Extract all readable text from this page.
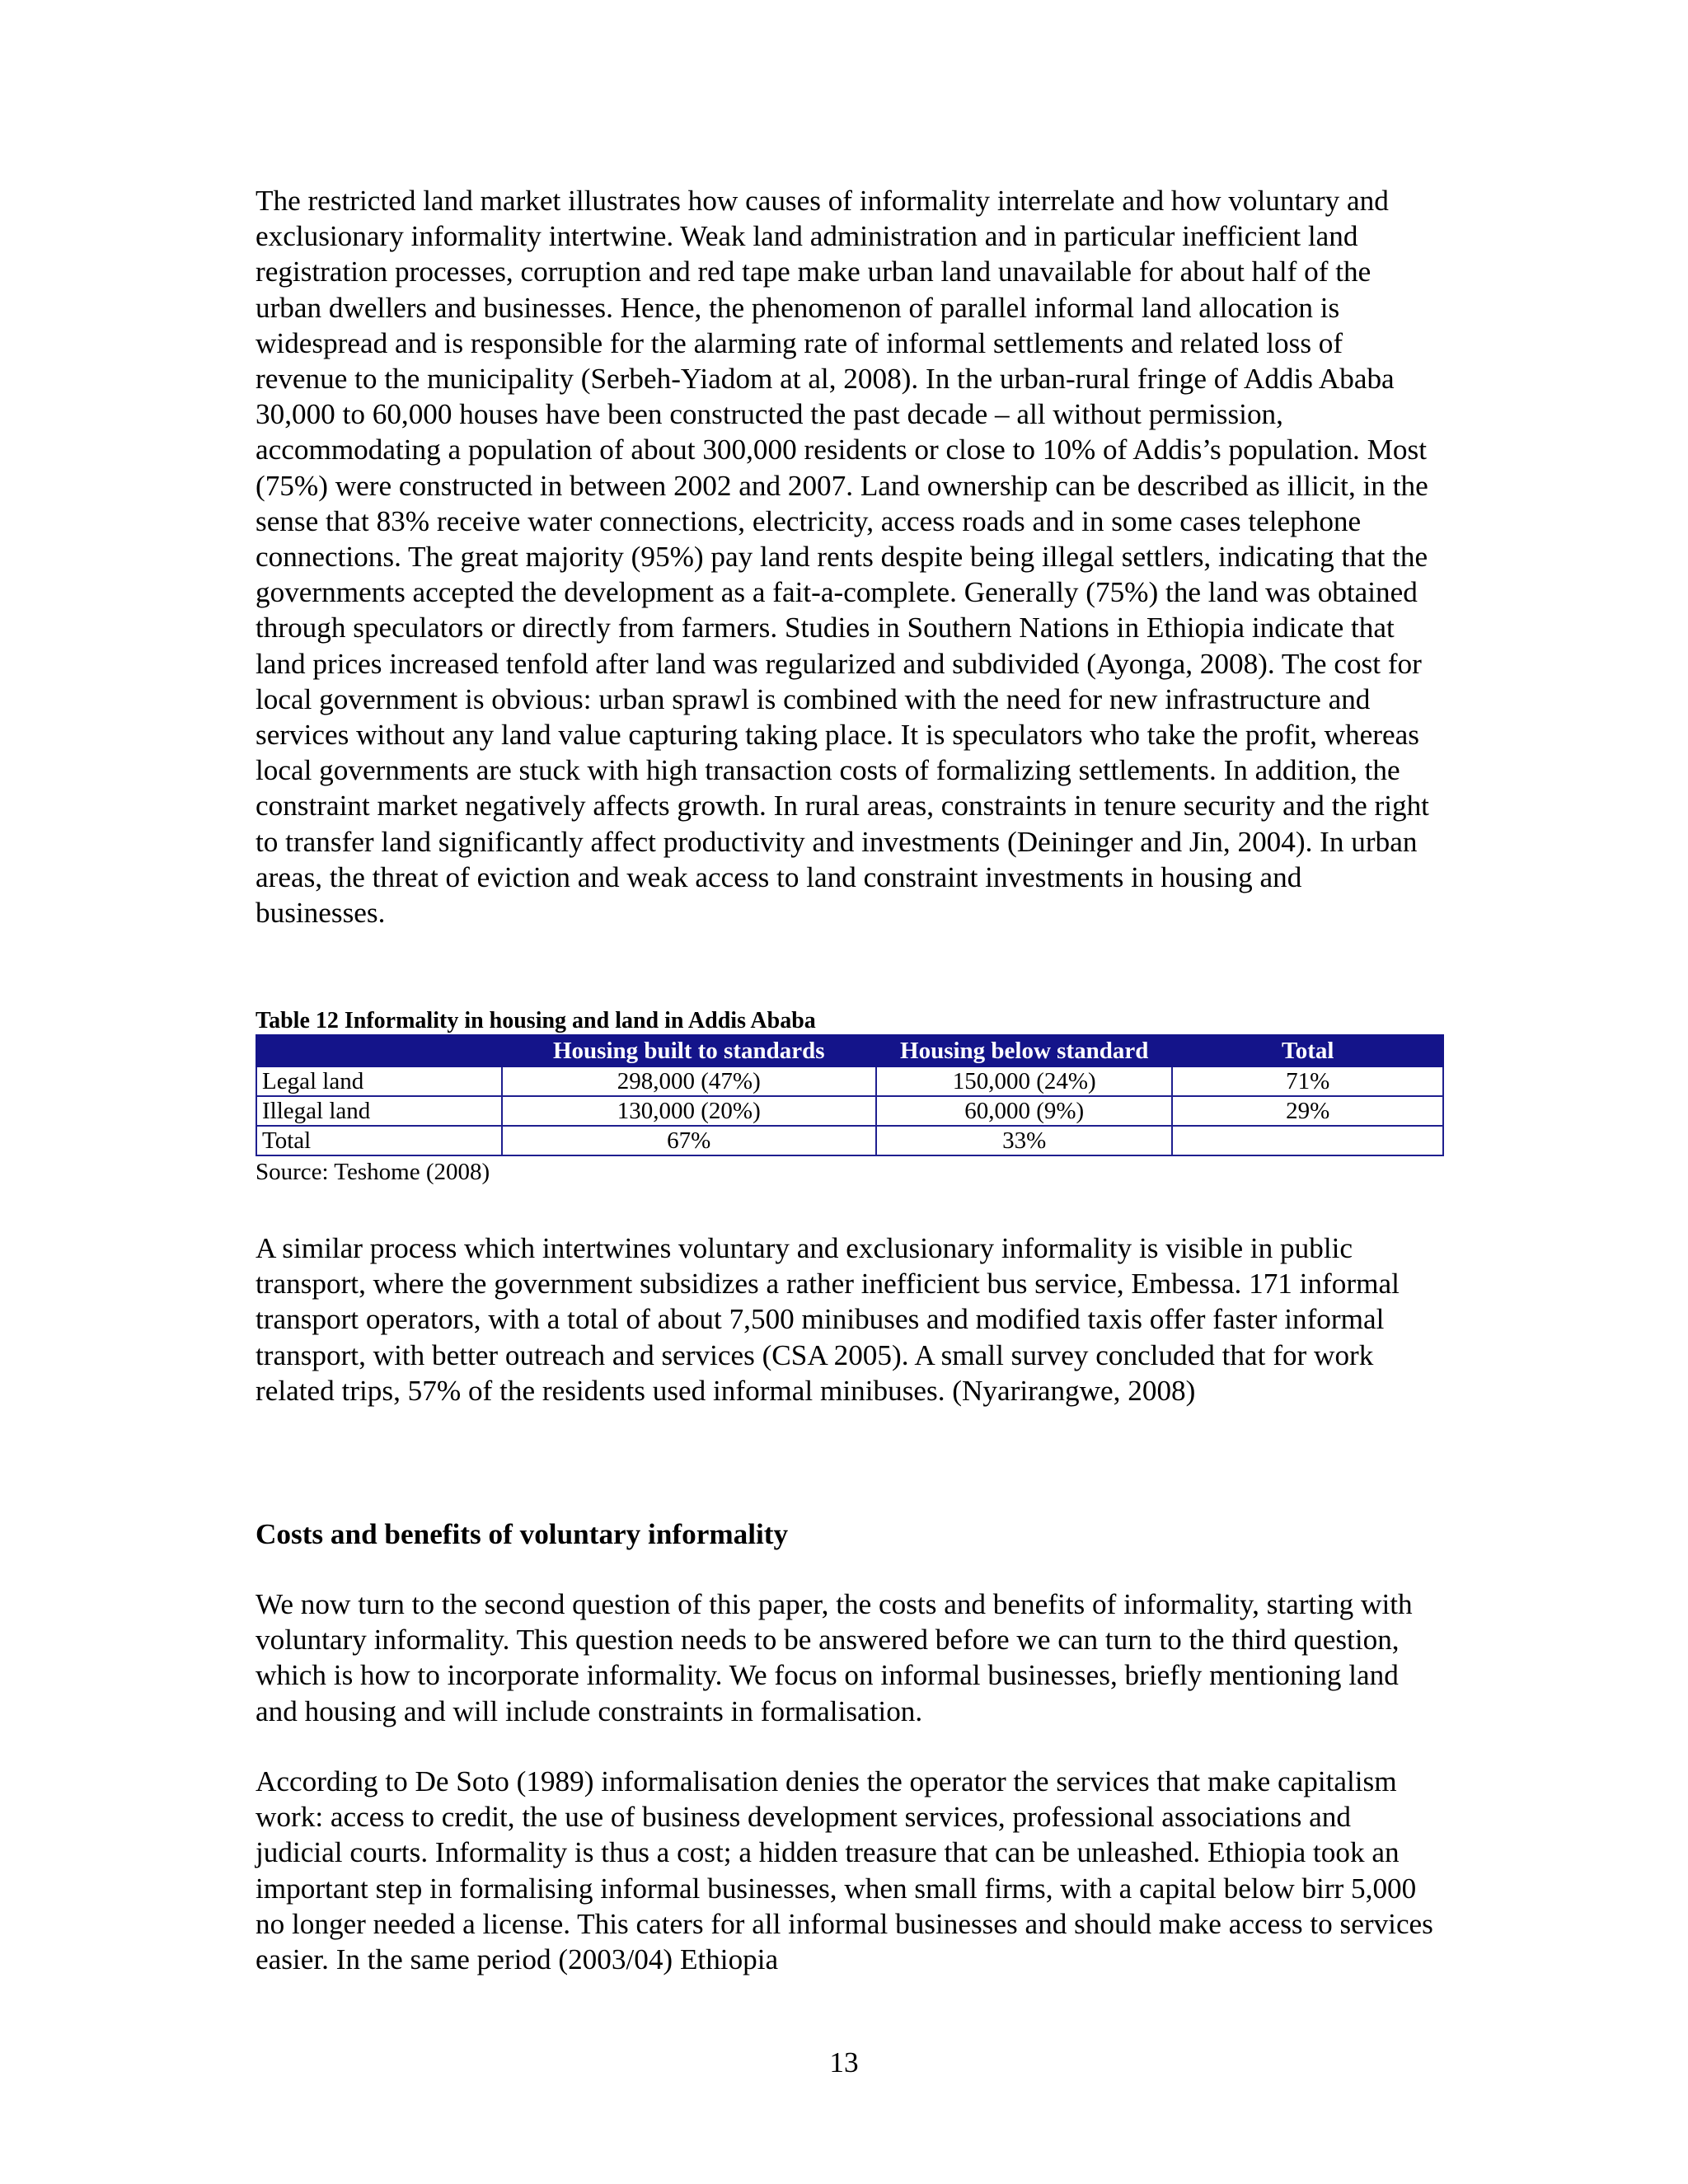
The restricted land market illustrates how causes of informality interrelate and how voluntary and exclusionary informality intertwine. Weak land administration and in particular inefficient land registration processes, corruption and red tape make urban land unavailable for about half of the urban dwellers and businesses. Hence, the phenomenon of parallel informal land allocation is widespread and is responsible for the alarming rate of informal settlements and related loss of revenue to the municipality (Serbeh-Yiadom at al, 2008). In the urban-rural fringe of Addis Ababa 30,000 to 60,000 houses have been constructed the past decade – all without permission, accommodating a population of about 300,000 residents or close to 10% of Addis’s population. Most (75%) were constructed in between 2002 and 2007. Land ownership can be described as illicit, in the sense that 83% receive water connections, electricity, access roads and in some cases telephone connections. The great majority (95%) pay land rents despite being illegal settlers, indicating that the governments accepted the development as a fait-a-complete. Generally (75%) the land was obtained through speculators or directly from farmers. Studies in Southern Nations in Ethiopia indicate that land prices increased tenfold after land was regularized and subdivided (Ayonga, 2008). The cost for local government is obvious: urban sprawl is combined with the need for new infrastructure and services without any land value capturing taking place. It is speculators who take the profit, whereas local governments are stuck with high transaction costs of formalizing settlements. In addition, the constraint market negatively affects growth. In rural areas, constraints in tenure security and the right to transfer land significantly affect productivity and investments (Deininger and Jin, 2004). In urban areas, the threat of eviction and weak access to land constraint investments in housing and businesses.

Table 12 Informality in housing and land in Addis Ababa

	Housing built to standards	Housing below standard	Total
Legal land	298,000 (47%)	150,000 (24%)	71%
Illegal land	130,000 (20%)	60,000 (9%)	29%
Total	67%	33%	

Source: Teshome (2008)

Costs and benefits of voluntary informality

A similar process which intertwines voluntary and exclusionary informality is visible in public transport, where the government subsidizes a rather inefficient bus service, Embessa. 171 informal transport operators, with a total of about 7,500 minibuses and modified taxis offer faster informal transport, with better outreach and services (CSA 2005). A small survey concluded that for work related trips, 57% of the residents used informal minibuses. (Nyarirangwe, 2008)

We now turn to the second question of this paper, the costs and benefits of informality, starting with voluntary informality. This question needs to be answered before we can turn to the third question, which is how to incorporate informality. We focus on informal businesses, briefly mentioning land and housing and will include constraints in formalisation.

According to De Soto (1989) informalisation denies the operator the services that make capitalism work: access to credit, the use of business development services, professional associations and judicial courts. Informality is thus a cost; a hidden treasure that can be unleashed. Ethiopia took an important step in formalising informal businesses, when small firms, with a capital below birr 5,000 no longer needed a license. This caters for all informal businesses and should make access to services easier. In the same period (2003/04) Ethiopia

13
